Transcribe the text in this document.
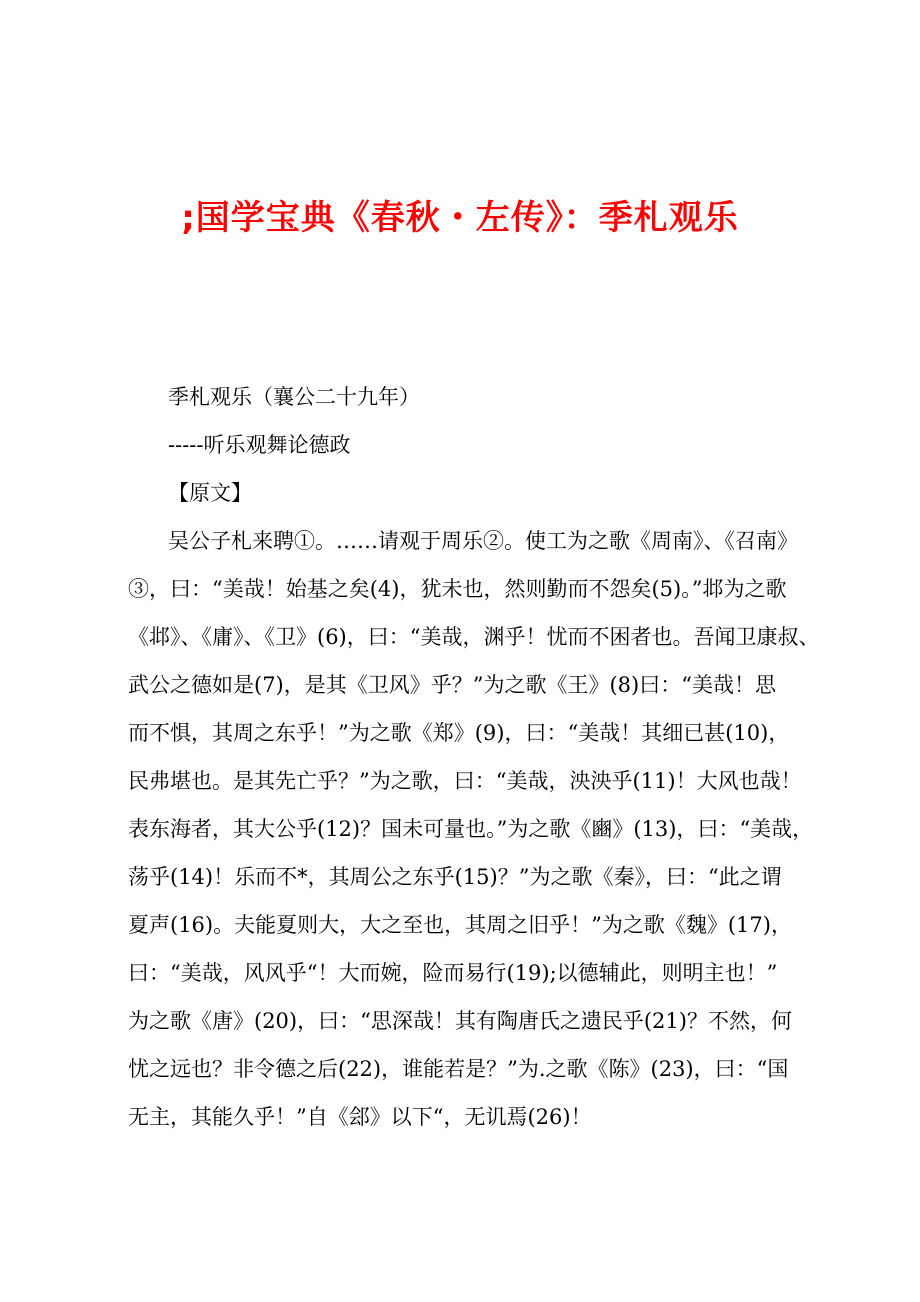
;国学宝典《春秋・左传》：季札观乐

季札观乐（襄公二十九年）

-----听乐观舞论德政

【原文】

吴公子札来聘①。……请观于周乐②。使工为之歌《周南》、《召南》

③，曰：“美哉！始基之矣(4)，犹未也，然则勤而不怨矣(5)。”邶为之歌

《邶》、《庸》、《卫》(6)，曰：“美哉，渊乎！忧而不困者也。吾闻卫康叔、

武公之德如是(7)，是其《卫风》乎？”为之歌《王》(8)曰：“美哉！思

而不惧，其周之东乎！”为之歌《郑》(9)，曰：“美哉！其细已甚(10)，

民弗堪也。是其先亡乎？”为之歌，曰：“美哉，泱泱乎(11)！大风也哉！

表东海者，其大公乎(12)？国未可量也。”为之歌《豳》(13)，曰：“美哉，

荡乎(14)！乐而不*，其周公之东乎(15)？”为之歌《秦》，曰：“此之谓

夏声(16)。夫能夏则大，大之至也，其周之旧乎！”为之歌《魏》(17)，

曰：“美哉，风风乎“！大而婉，险而易行(19);以德辅此，则明主也！”

为之歌《唐》(20)，曰：“思深哉！其有陶唐氏之遗民乎(21)？不然，何

忧之远也？非令德之后(22)，谁能若是？”为.之歌《陈》(23)，曰：“国

无主，其能久乎！”自《郐》以下“，无讥焉(26)！
